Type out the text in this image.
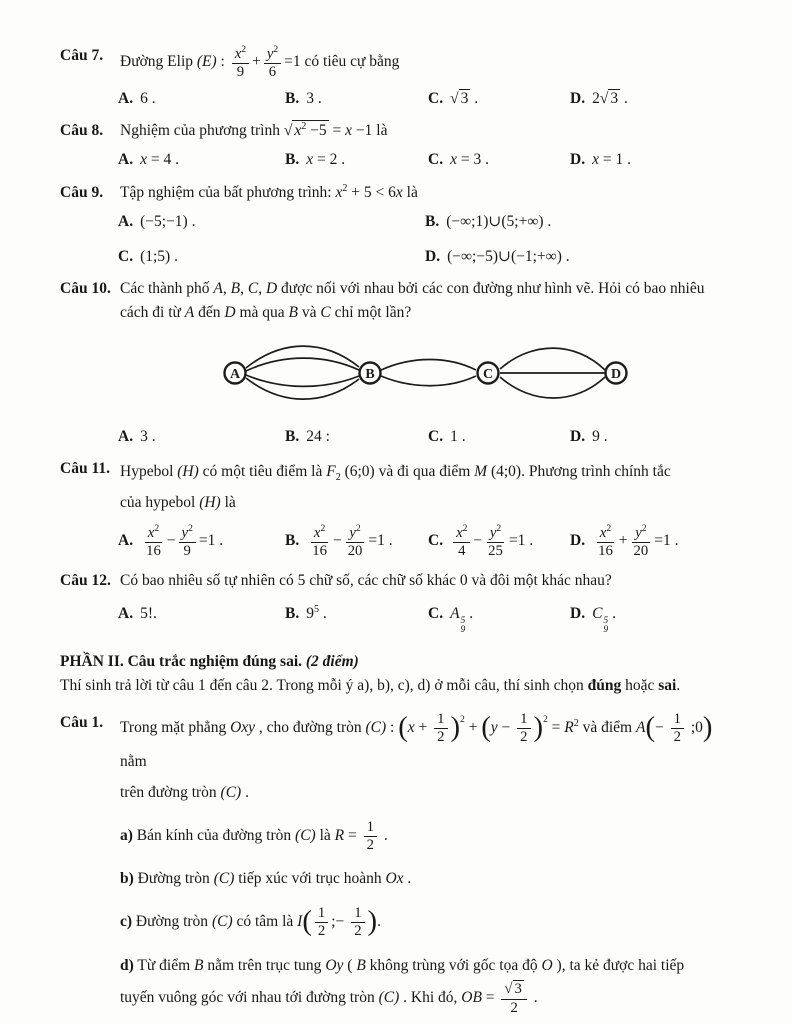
Câu 7.	Đường Elip (E) : $\frac{x^2}{9} + \frac{y^2}{6} =1$ có tiêu cự bằng
A. 6 .	B. 3 .	C. √ 3 .	D. 2√ 3 .
Câu 8.	Nghiệm của phương trình √ $x^2 -5 = x -1$ là
A. x = 4 .	B. x = 2 .	C. x = 3 .	D. x = 1 .
Câu 9.	Tập nghiệm của bất phương trình: $x^2 + 5 < 6x$ là
A. (−5;−1) .	B. (−∞;1)∪(5;+∞) .
C. (1;5) .	D. (−∞;−5)∪(−1;+∞) .
Câu 10. Các thành phố A, B, C, D được nối với nhau bởi các con đường như hình vẽ. Hỏi có bao nhiêu
cách đi từ A đến D mà qua B và C chỉ một lần?
A	B	C	D
A. 3 .	B. 24 :	C. 1 .	D. 9 .
Câu 11. Hypebol (H) có một tiêu điểm là $F_2$ (6;0) và đi qua điểm M (4;0). Phương trình chính tắc
của hypebol (H) là
A. $\frac{x^2}{16} - \frac{y^2}{9} =1$ .	B. $\frac{x^2}{16} - \frac{y^2}{20} =1$ .	C. $\frac{x^2}{4} - \frac{y^2}{25} =1$ .	D. $\frac{x^2}{16} + \frac{y^2}{20} =1$ .
Câu 12. Có bao nhiêu số tự nhiên có 5 chữ số, các chữ số khác 0 và đôi một khác nhau?
A. 5!.	B. $9^5$ .	C. A 5
9
.	D. C 5
9
.
PHẦN II. Câu trắc nghiệm đúng sai. (2 điểm)
Thí sinh trả lời từ câu 1 đến câu 2. Trong mỗi ý a), b), c), d) ở mỗi câu, thí sinh chọn đúng hoặc sai.
Câu 1.	Trong mặt phẳng Oxy , cho đường tròn (C) : $(x + \frac{1}{2} )^2 + (y - \frac{1}{2} )^2 = R^2$ và điểm $A(- \frac{1}{2}$ ;0) nằm
trên đường tròn (C) .
a) Bán kính của đường tròn (C) là $R = \frac{1}{2}$ .
b) Đường tròn (C) tiếp xúc với trục hoành Ox .
c) Đường tròn (C) có tâm là $I( \frac{1}{2}$ ;− $\frac{1}{2}$ ).
d) Từ điểm B nằm trên trục tung Oy ( B không trùng với gốc tọa độ O ), ta kẻ được hai tiếp
tuyến vuông góc với nhau tới đường tròn (C) . Khi đó, OB = $\frac{√ 3}{2}$ .
